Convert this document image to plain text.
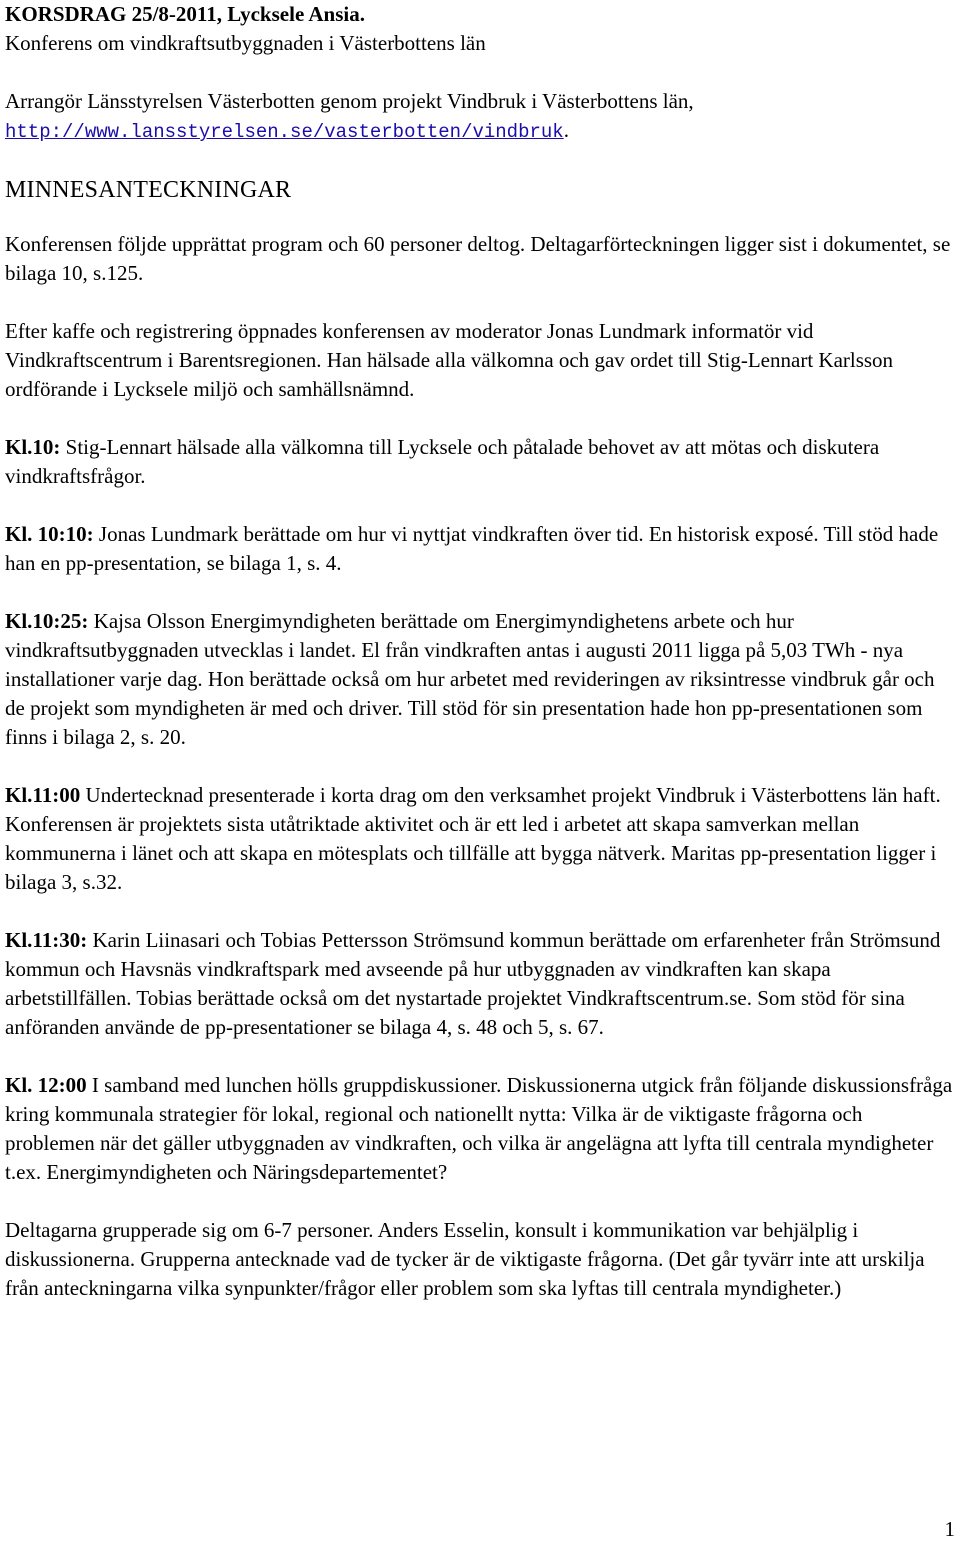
KORSDRAG 25/8-2011, Lycksele Ansia.
Konferens om vindkraftsutbyggnaden i Västerbottens län
Arrangör Länsstyrelsen Västerbotten genom projekt Vindbruk i Västerbottens län,
http://www.lansstyrelsen.se/vasterbotten/vindbruk.
MINNESANTECKNINGAR

Konferensen följde upprättat program och 60 personer deltog. Deltagarförteckningen ligger sist i dokumentet, se bilaga 10, s.125.

Efter kaffe och registrering öppnades konferensen av moderator Jonas Lundmark informatör vid Vindkraftscentrum i Barentsregionen. Han hälsade alla välkomna och gav ordet till Stig-Lennart Karlsson ordförande i Lycksele miljö och samhällsnämnd.

Kl.10: Stig-Lennart hälsade alla välkomna till Lycksele och påtalade behovet av att mötas och diskutera vindkraftsfrågor.

Kl. 10:10: Jonas Lundmark berättade om hur vi nyttjat vindkraften över tid. En historisk exposé. Till stöd hade han en pp-presentation, se bilaga 1, s. 4.

Kl.10:25: Kajsa Olsson Energimyndigheten berättade om Energimyndighetens arbete och hur vindkraftsutbyggnaden utvecklas i landet. El från vindkraften antas i augusti 2011 ligga på 5,03 TWh - nya installationer varje dag. Hon berättade också om hur arbetet med revideringen av riksintresse vindbruk går och de projekt som myndigheten är med och driver. Till stöd för sin presentation hade hon pp-presentationen som finns i bilaga 2, s. 20.

Kl.11:00 Undertecknad presenterade i korta drag om den verksamhet projekt Vindbruk i Västerbottens län haft. Konferensen är projektets sista utåtriktade aktivitet och är ett led i arbetet att skapa samverkan mellan kommunerna i länet och att skapa en mötesplats och tillfälle att bygga nätverk. Maritas pp-presentation ligger i bilaga 3, s.32.

Kl.11:30: Karin Liinasari och Tobias Pettersson Strömsund kommun berättade om erfarenheter från Strömsund kommun och Havsnäs vindkraftspark med avseende på hur utbyggnaden av vindkraften kan skapa arbetstillfällen. Tobias berättade också om det nystartade projektet Vindkraftscentrum.se. Som stöd för sina anföranden använde de pp-presentationer se bilaga 4, s. 48 och 5, s. 67.

Kl. 12:00 I samband med lunchen hölls gruppdiskussioner. Diskussionerna utgick från följande diskussionsfråga kring kommunala strategier för lokal, regional och nationellt nytta: Vilka är de viktigaste frågorna och problemen när det gäller utbyggnaden av vindkraften, och vilka är angelägna att lyfta till centrala myndigheter t.ex. Energimyndigheten och Näringsdepartementet?

Deltagarna grupperade sig om 6-7 personer. Anders Esselin, konsult i kommunikation var behjälplig i diskussionerna. Grupperna antecknade vad de tycker är de viktigaste frågorna. (Det går tyvärr inte att urskilja från anteckningarna vilka synpunkter/frågor eller problem som ska lyftas till centrala myndigheter.)

1
